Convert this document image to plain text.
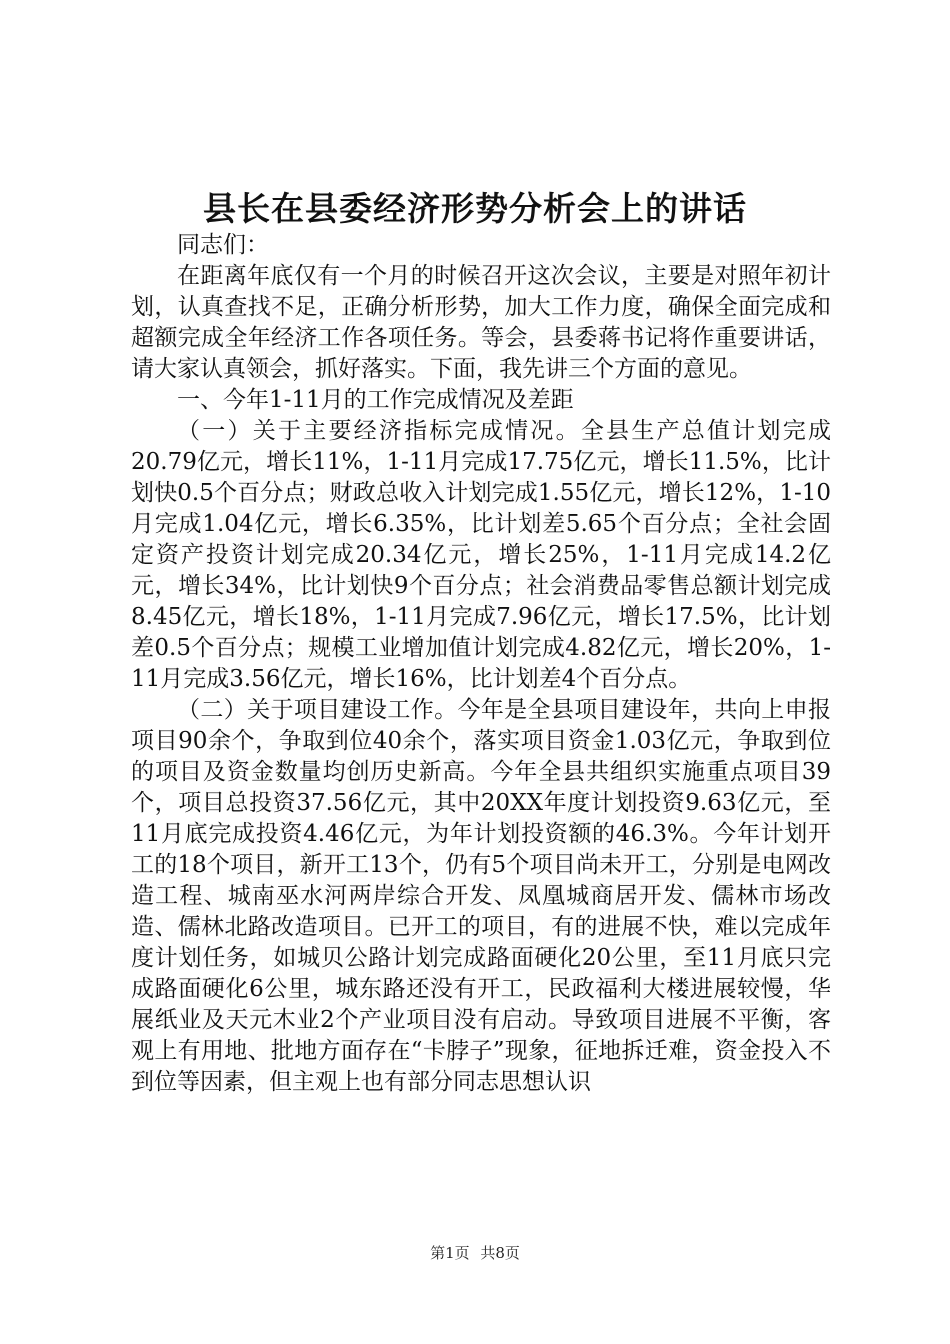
县长在县委经济形势分析会上的讲话

同志们：

在距离年底仅有一个月的时候召开这次会议，主要是对照年初计划，认真查找不足，正确分析形势，加大工作力度，确保全面完成和超额完成全年经济工作各项任务。等会，县委蒋书记将作重要讲话，请大家认真领会，抓好落实。下面，我先讲三个方面的意见。

一、今年1-11月的工作完成情况及差距

（一）关于主要经济指标完成情况。全县生产总值计划完成20.79亿元，增长11%，1-11月完成17.75亿元，增长11.5%，比计划快0.5个百分点；财政总收入计划完成1.55亿元，增长12%，1-10月完成1.04亿元，增长6.35%，比计划差5.65个百分点；全社会固定资产投资计划完成20.34亿元，增长25%，1-11月完成14.2亿元，增长34%，比计划快9个百分点；社会消费品零售总额计划完成8.45亿元，增长18%，1-11月完成7.96亿元，增长17.5%，比计划差0.5个百分点；规模工业增加值计划完成4.82亿元，增长20%，1-11月完成3.56亿元，增长16%，比计划差4个百分点。

（二）关于项目建设工作。今年是全县项目建设年，共向上申报项目90余个，争取到位40余个，落实项目资金1.03亿元，争取到位的项目及资金数量均创历史新高。今年全县共组织实施重点项目39个，项目总投资37.56亿元，其中20XX年度计划投资9.63亿元，至11月底完成投资4.46亿元，为年计划投资额的46.3%。今年计划开工的18个项目，新开工13个，仍有5个项目尚未开工，分别是电网改造工程、城南巫水河两岸综合开发、凤凰城商居开发、儒林市场改造、儒林北路改造项目。已开工的项目，有的进展不快，难以完成年度计划任务，如城贝公路计划完成路面硬化20公里，至11月底只完成路面硬化6公里，城东路还没有开工，民政福利大楼进展较慢，华展纸业及天元木业2个产业项目没有启动。导致项目进展不平衡，客观上有用地、批地方面存在“卡脖子”现象，征地拆迁难，资金投入不到位等因素，但主观上也有部分同志思想认识

第1页 共8页
